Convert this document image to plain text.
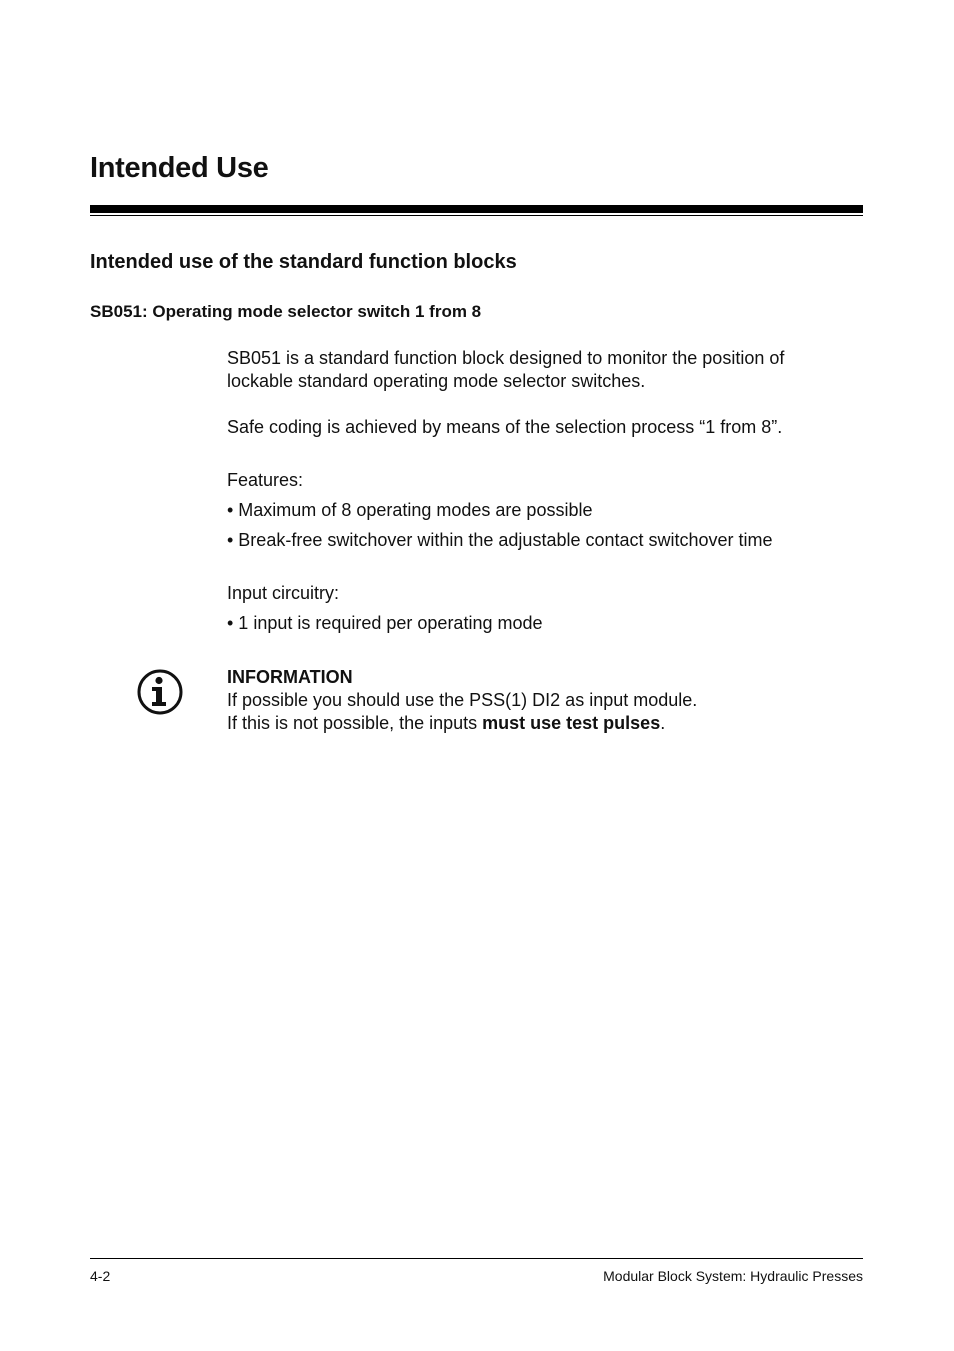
Intended Use
Intended use of the standard function blocks
SB051: Operating mode selector switch 1 from 8

SB051 is a standard function block designed to monitor the position of
lockable standard operating mode selector switches.

Safe coding is achieved by means of the selection process “1 from 8”.

Features:

• Maximum of 8 operating modes are possible

• Break-free switchover within the adjustable contact switchover time

Input circuitry:

• 1 input is required per operating mode

INFORMATION

If possible you should use the PSS(1) DI2 as input module.
If this is not possible, the inputs must use test pulses.

4-2	Modular Block System: Hydraulic Presses
